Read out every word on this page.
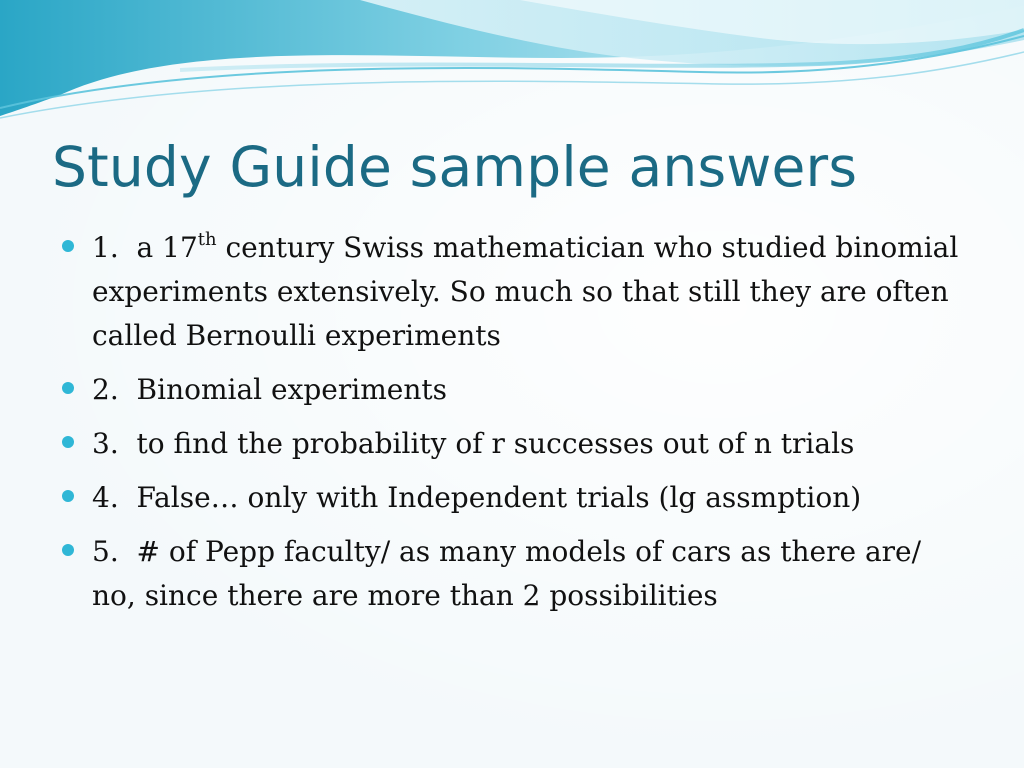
Study Guide sample answers
1. a 17th century Swiss mathematician who studied binomial experiments extensively. So much so that still they are often called Bernoulli experiments
2. Binomial experiments
3. to find the probability of r successes out of n trials
4. False… only with Independent trials (lg assmption)
5. # of Pepp faculty/ as many models of cars as there are/ no, since there are more than 2 possibilities
